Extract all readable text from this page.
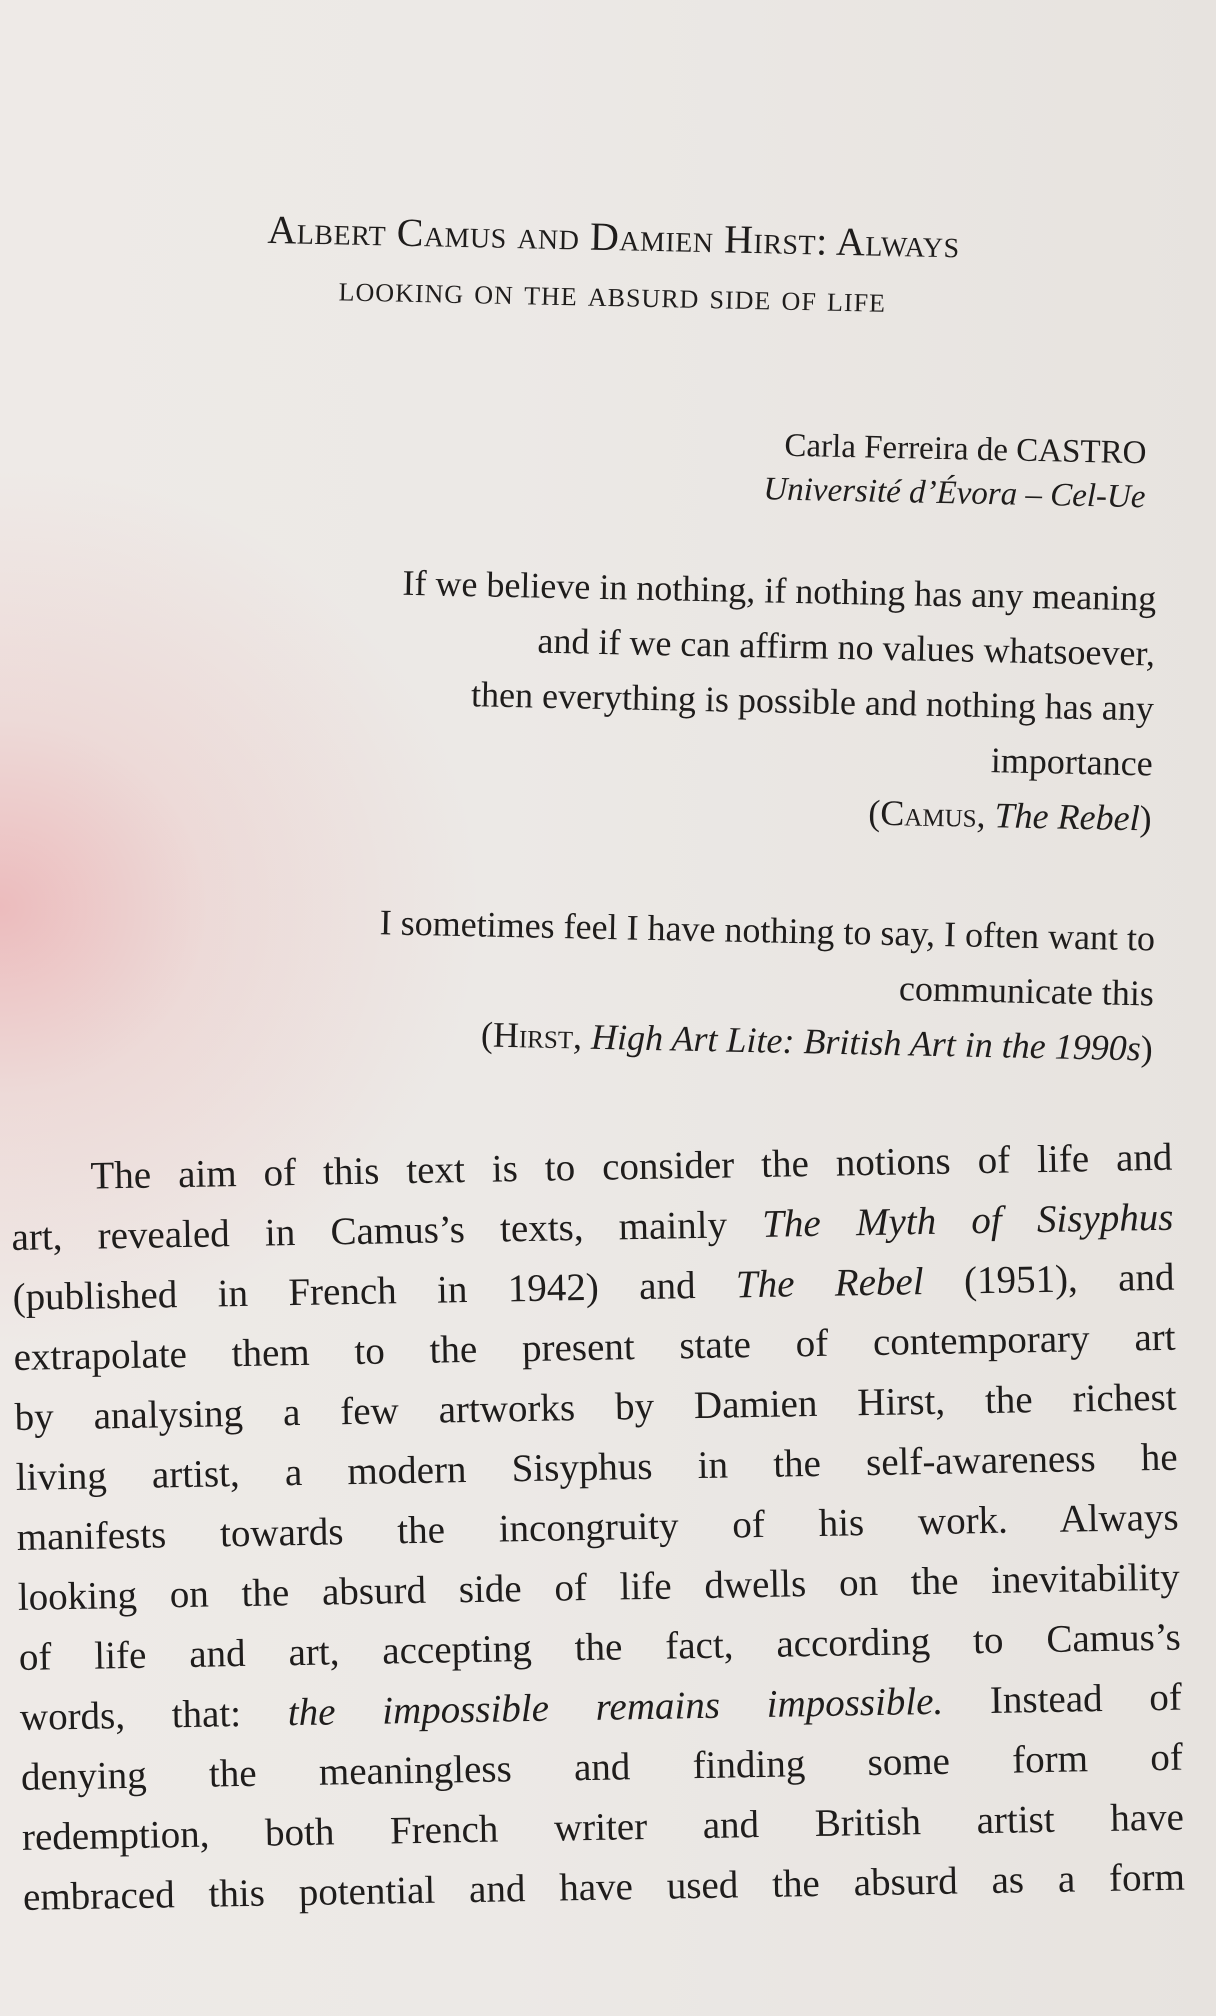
Albert Camus and Damien Hirst: Always
looking on the absurd side of life
Carla Ferreira de CASTRO
Université d’Évora – Cel-Ue
If we believe in nothing, if nothing has any meaning
and if we can affirm no values whatsoever,
then everything is possible and nothing has any
importance
(Camus, The Rebel)
I sometimes feel I have nothing to say, I often want to
communicate this
(Hirst, High Art Lite: British Art in the 1990s)
The aim of this text is to consider the notions of life and
art, revealed in Camus’s texts, mainly The Myth of Sisyphus
(published in French in 1942) and The Rebel (1951), and
extrapolate them to the present state of contemporary art
by analysing a few artworks by Damien Hirst, the richest
living artist, a modern Sisyphus in the self-awareness he
manifests towards the incongruity of his work. Always
looking on the absurd side of life dwells on the inevitability
of life and art, accepting the fact, according to Camus’s
words, that: the impossible remains impossible. Instead of
denying the meaningless and finding some form of
redemption, both French writer and British artist have
embraced this potential and have used the absurd as a form
